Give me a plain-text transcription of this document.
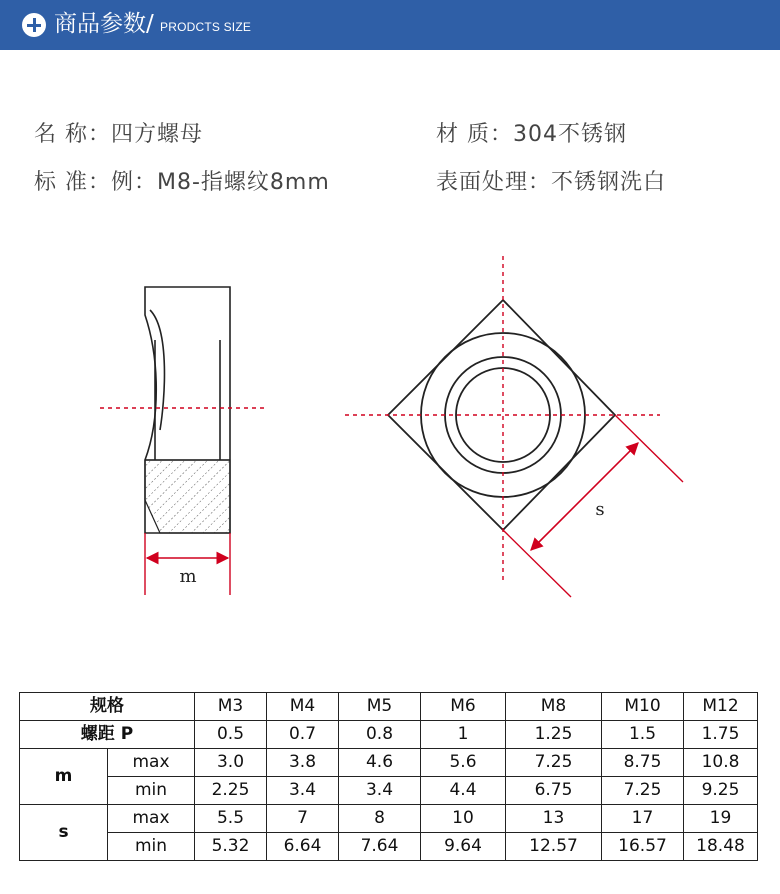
商品参数/ PRODCTS SIZE
名 称：四方螺母	材 质：304不锈钢
标 准：例：M8-指螺纹8mm	表面处理：不锈钢洗白
m
s
规格		M3	M4	M5	M6	M8	M10	M12
螺距 P		0.5	0.7	0.8	1	1.25	1.5	1.75
m	max	3.0	3.8	4.6	5.6	7.25	8.75	10.8
	min	2.25	3.4	3.4	4.4	6.75	7.25	9.25
s	max	5.5	7	8	10	13	17	19
	min	5.32	6.64	7.64	9.64	12.57	16.57	18.48
